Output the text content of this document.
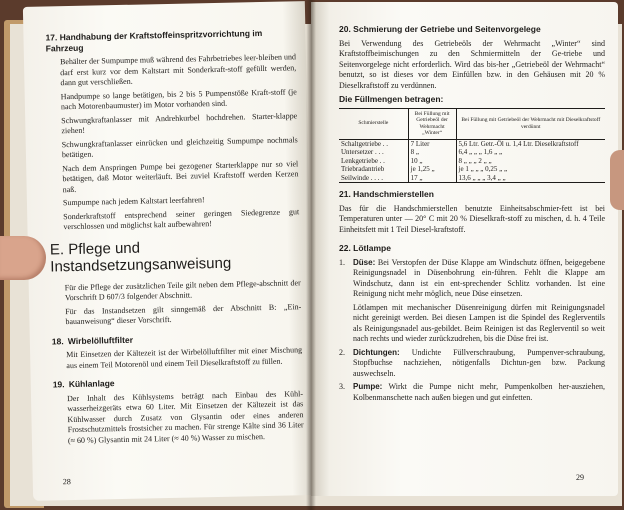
17. Handhabung der Kraftstoffeinspritzvorrichtung im Fahrzeug

Behälter der Sumpumpe muß während des Fahrbetriebes leer-bleiben und darf erst kurz vor dem Kaltstart mit Sonderkraft-stoff gefüllt werden, dann gut verschließen.

Handpumpe so lange betätigen, bis 2 bis 5 Pumpenstöße Kraft-stoff (je nach Motorenbaumuster) im Motor vorhanden sind.

Schwungkraftanlasser mit Andrehkurbel hochdrehen. Starter-klappe ziehen!

Schwungkraftanlasser einrücken und gleichzeitig Sumpumpe nochmals betätigen.

Nach dem Anspringen Pumpe bei gezogener Starterklappe nur so viel betätigen, daß Motor weiterläuft. Bei zuviel Kraftstoff werden Kerzen naß.

Sumpumpe nach jedem Kaltstart leerfahren!

Sonderkraftstoff entsprechend seiner geringen Siedegrenze gut verschlossen und möglichst kalt aufbewahren!

E. Pflege und Instandsetzungsanweisung

Für die Pflege der zusätzlichen Teile gilt neben dem Pflege-abschnitt der Vorschrift D 607/3 folgender Abschnitt.

Für das Instandsetzen gilt sinngemäß der Abschnitt B: „Ein-bauanweisung“ dieser Vorschrift.

18. Wirbelölluftfilter

Mit Einsetzen der Kältezeit ist der Wirbelölluftfilter mit einer Mischung aus einem Teil Motorenöl und einem Teil Dieselkraftstoff zu füllen.

19. Kühlanlage

Der Inhalt des Kühlsystems beträgt nach Einbau des Kühl-wasserheizgeräts etwa 60 Liter. Mit Einsetzen der Kältezeit ist das Kühlwasser durch Zusatz von Glysantin oder eines anderen Frostschutzmittels frostsicher zu machen. Für strenge Kälte sind 36 Liter (≈ 60 %) Glysantin mit 24 Liter (≈ 40 %) Wasser zu mischen.

28
20. Schmierung der Getriebe und Seitenvorgelege

Bei Verwendung des Getriebeöls der Wehrmacht „Winter“ sind Kraftstoffbeimischungen zu den Schmiermitteln der Ge-triebe und Seitenvorgelege nicht erforderlich. Wird das bis-her „Getriebeöl der Wehrmacht“ benutzt, so ist dieses vor dem Einfüllen bzw. in den Gehäusen mit 20 % Dieselkraftstoff zu verdünnen.

Die Füllmengen betragen:
Schmierstelle	Bei Füllung mit Getriebeöl der Wehrmacht „Winter“	Bei Füllung mit Getriebeöl der Wehrmacht mit Dieselkraftstoff verdünnt
Schaltgetriebe . .	7 Liter	5,6 Ltr. Getr.-Öl u. 1,4 Ltr. Dieselkraftstoff
Untersetzer . . .	8 „	6,4 „ „ „ 1,6 „ „
Lenkgetriebe . .	10 „	8 „ „ „ 2 „ „
Triebradantrieb	je 1,25 „	je 1 „ „ „ 0,25 „ „
Seilwinde . . . .	17 „	13,6 „ „ „ 3,4 „ „
21. Handschmierstellen

Das für die Handschmierstellen benutzte Einheitsabschmier-fett ist bei Temperaturen unter — 20° C mit 20 % Dieselkraft-stoff zu mischen, d. h. 4 Teile Einheitsfett mit 1 Teil Diesel-kraftstoff.

22. Lötlampe
1.	Düse: Bei Verstopfen der Düse Klappe am Windschutz öffnen, beigegebene Reinigungsnadel in Düsenbohrung ein-führen. Fehlt die Klappe am Windschutz, dann ist ein ent-sprechender Schlitz vorhanden. Ist eine Reinigung nicht mehr möglich, neue Düse einsetzen.
Lötlampen mit mechanischer Düsenreinigung dürfen mit Reinigungsnadel nicht gereinigt werden. Bei diesen Lampen ist die Spindel des Reglerventils als Reinigungsnadel aus-gebildet. Beim Reinigen ist das Reglerventil so weit nach rechts und wieder zurückzudrehen, bis die Düse frei ist.
2.	Dichtungen: Undichte Füllverschraubung, Pumpenver-schraubung, Stopfbuchse nachziehen, nötigenfalls Dichtun-gen bzw. Packung auswechseln.
3.	Pumpe: Wirkt die Pumpe nicht mehr, Pumpenkolben her-ausziehen, Kolbenmanschette nach außen biegen und gut einfetten.
29
